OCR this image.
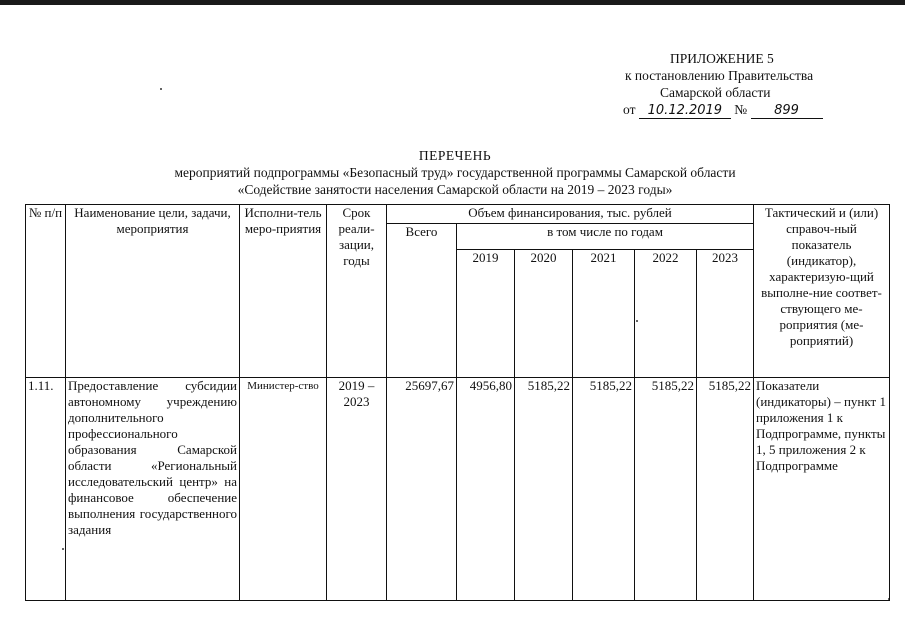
ПРИЛОЖЕНИЕ 5
к постановлению Правительства
Самарской области
от 10.12.2019 № 899
ПЕРЕЧЕНЬ
мероприятий подпрограммы «Безопасный труд» государственной программы Самарской области
«Содействие занятости населения Самарской области на 2019 – 2023 годы»
№ п/п	Наименование цели, задачи, мероприятия	Исполни-тель меро-приятия	Срок реали-зации, годы	Объем финансирования, тыс. рублей						Тактический и (или) справоч-ный показатель (индикатор), характеризую-щий выполне-ние соответ-ствующего ме-роприятия (ме-роприятий)
				Всего	в том числе по годам					
					2019	2020	2021	2022	2023	
1.11.	Предоставление субсидии автономному учреждению дополнительного профессионального образования Самарской области «Региональный исследовательский центр» на финансовое обеспечение выполнения государственного задания	Министер-ство	2019 – 2023	25697,67	4956,80	5185,22	5185,22	5185,22	5185,22	Показатели (индикаторы) – пункт 1 приложения 1 к Подпрограмме, пункты 1, 5 приложения 2 к Подпрограмме
